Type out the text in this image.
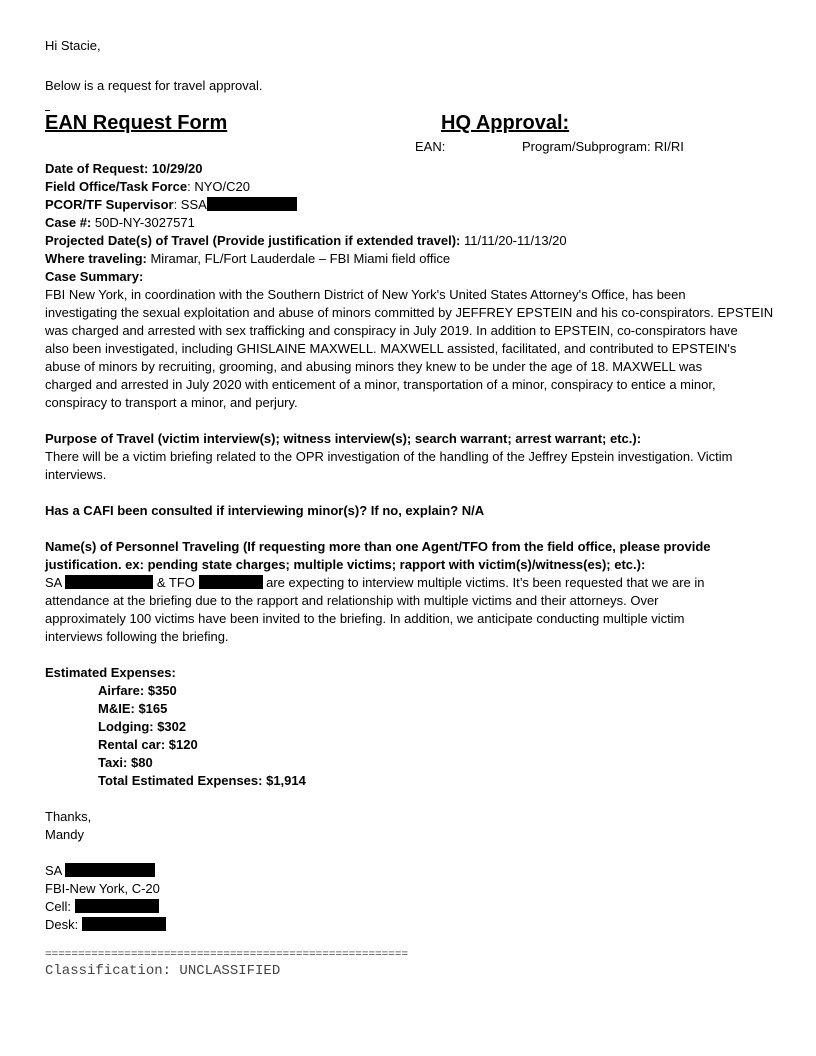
Hi Stacie,
Below is a request for travel approval.
EAN Request Form	HQ Approval:
EAN:	Program/Subprogram: RI/RI
Date of Request: 10/29/20
Field Office/Task Force: NYO/C20
PCOR/TF Supervisor: SSA
Case #: 50D-NY-3027571
Projected Date(s) of Travel (Provide justification if extended travel): 11/11/20-11/13/20
Where traveling: Miramar, FL/Fort Lauderdale – FBI Miami field office
Case Summary:
FBI New York, in coordination with the Southern District of New York's United States Attorney's Office, has been
investigating the sexual exploitation and abuse of minors committed by JEFFREY EPSTEIN and his co-conspirators. EPSTEIN
was charged and arrested with sex trafficking and conspiracy in July 2019. In addition to EPSTEIN, co-conspirators have
also been investigated, including GHISLAINE MAXWELL. MAXWELL assisted, facilitated, and contributed to EPSTEIN's
abuse of minors by recruiting, grooming, and abusing minors they knew to be under the age of 18. MAXWELL was
charged and arrested in July 2020 with enticement of a minor, transportation of a minor, conspiracy to entice a minor,
conspiracy to transport a minor, and perjury.
Purpose of Travel (victim interview(s); witness interview(s); search warrant; arrest warrant; etc.):
There will be a victim briefing related to the OPR investigation of the handling of the Jeffrey Epstein investigation. Victim
interviews.
Has a CAFI been consulted if interviewing minor(s)? If no, explain? N/A
Name(s) of Personnel Traveling (If requesting more than one Agent/TFO from the field office, please provide
justification. ex: pending state charges; multiple victims; rapport with victim(s)/witness(es); etc.):
SA	& TFO	are expecting to interview multiple victims. It’s been requested that we are in
attendance at the briefing due to the rapport and relationship with multiple victims and their attorneys. Over
approximately 100 victims have been invited to the briefing. In addition, we anticipate conducting multiple victim
interviews following the briefing.
Estimated Expenses:
Airfare: $350
M&IE: $165
Lodging: $302
Rental car: $120
Taxi: $80
Total Estimated Expenses: $1,914
Thanks,
Mandy
SA
FBI-New York, C-20
Cell:
Desk:
=======================================================
Classification: UNCLASSIFIED
